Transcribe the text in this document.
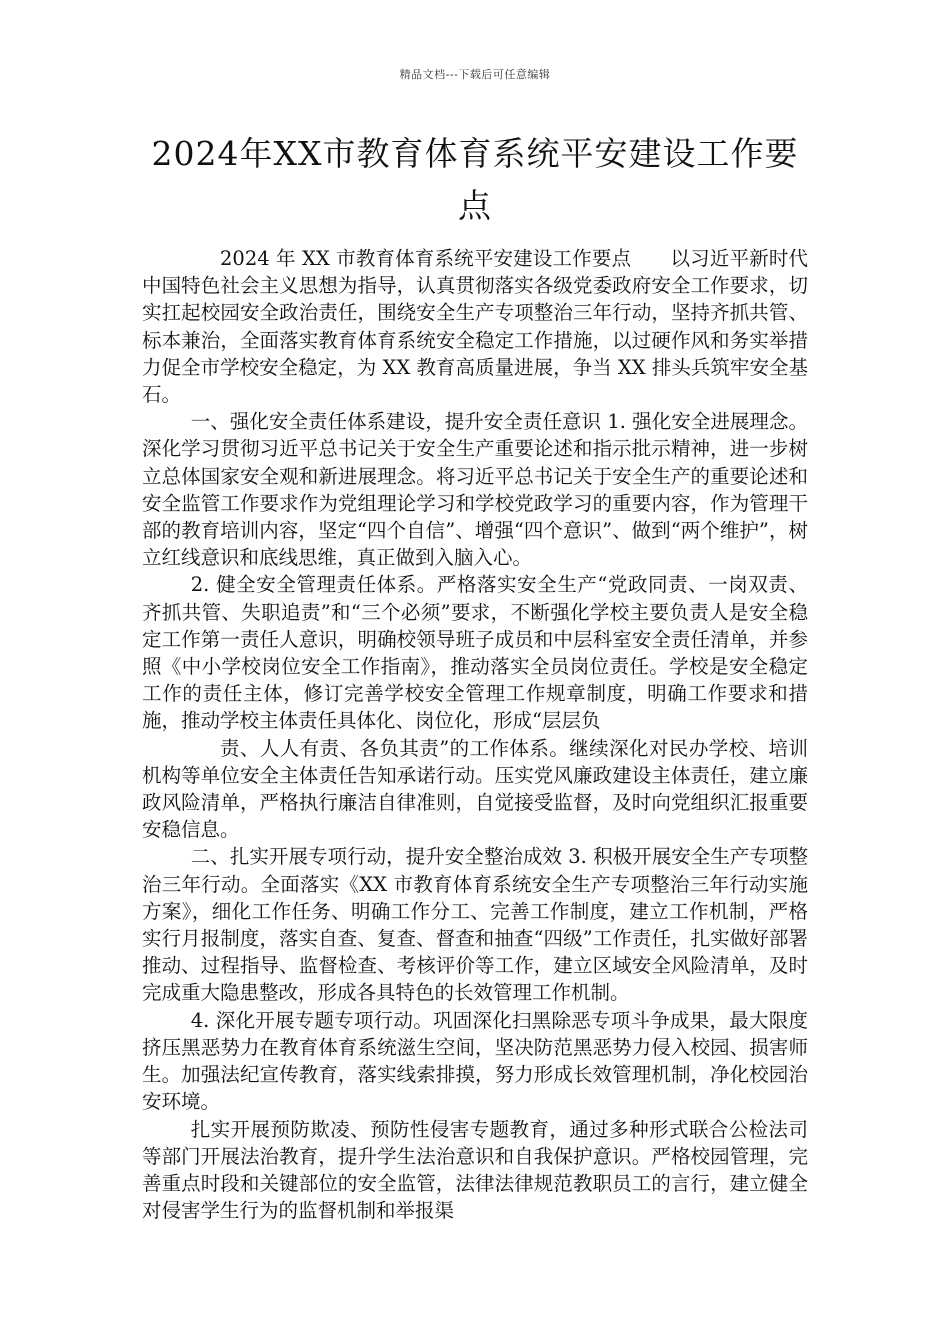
精品文档---下载后可任意编辑
2024年XX市教育体育系统平安建设工作要点

2024 年 XX 市教育体育系统平安建设工作要点　　以习近平新时代中国特色社会主义思想为指导，认真贯彻落实各级党委政府安全工作要求，切实扛起校园安全政治责任，围绕安全生产专项整治三年行动，坚持齐抓共管、标本兼治，全面落实教育体育系统安全稳定工作措施，以过硬作风和务实举措力促全市学校安全稳定，为 XX 教育高质量进展，争当 XX 排头兵筑牢安全基石。

一、强化安全责任体系建设，提升安全责任意识 1. 强化安全进展理念。深化学习贯彻习近平总书记关于安全生产重要论述和指示批示精神，进一步树立总体国家安全观和新进展理念。将习近平总书记关于安全生产的重要论述和安全监管工作要求作为党组理论学习和学校党政学习的重要内容，作为管理干部的教育培训内容，坚定“四个自信”、增强“四个意识”、做到“两个维护”，树立红线意识和底线思维，真正做到入脑入心。

2. 健全安全管理责任体系。严格落实安全生产“党政同责、一岗双责、齐抓共管、失职追责”和“三个必须”要求，不断强化学校主要负责人是安全稳定工作第一责任人意识，明确校领导班子成员和中层科室安全责任清单，并参照《中小学校岗位安全工作指南》，推动落实全员岗位责任。学校是安全稳定工作的责任主体，修订完善学校安全管理工作规章制度，明确工作要求和措施，推动学校主体责任具体化、岗位化，形成“层层负

责、人人有责、各负其责”的工作体系。继续深化对民办学校、培训机构等单位安全主体责任告知承诺行动。压实党风廉政建设主体责任，建立廉政风险清单，严格执行廉洁自律准则，自觉接受监督，及时向党组织汇报重要安稳信息。

二、扎实开展专项行动，提升安全整治成效 3. 积极开展安全生产专项整治三年行动。全面落实《XX 市教育体育系统安全生产专项整治三年行动实施方案》，细化工作任务、明确工作分工、完善工作制度，建立工作机制，严格实行月报制度，落实自查、复查、督查和抽查“四级”工作责任，扎实做好部署推动、过程指导、监督检查、考核评价等工作，建立区域安全风险清单，及时完成重大隐患整改，形成各具特色的长效管理工作机制。

4. 深化开展专题专项行动。巩固深化扫黑除恶专项斗争成果，最大限度挤压黑恶势力在教育体育系统滋生空间，坚决防范黑恶势力侵入校园、损害师生。加强法纪宣传教育，落实线索排摸，努力形成长效管理机制，净化校园治安环境。

扎实开展预防欺凌、预防性侵害专题教育，通过多种形式联合公检法司等部门开展法治教育，提升学生法治意识和自我保护意识。严格校园管理，完善重点时段和关键部位的安全监管，法律法律规范教职员工的言行，建立健全对侵害学生行为的监督机制和举报渠
